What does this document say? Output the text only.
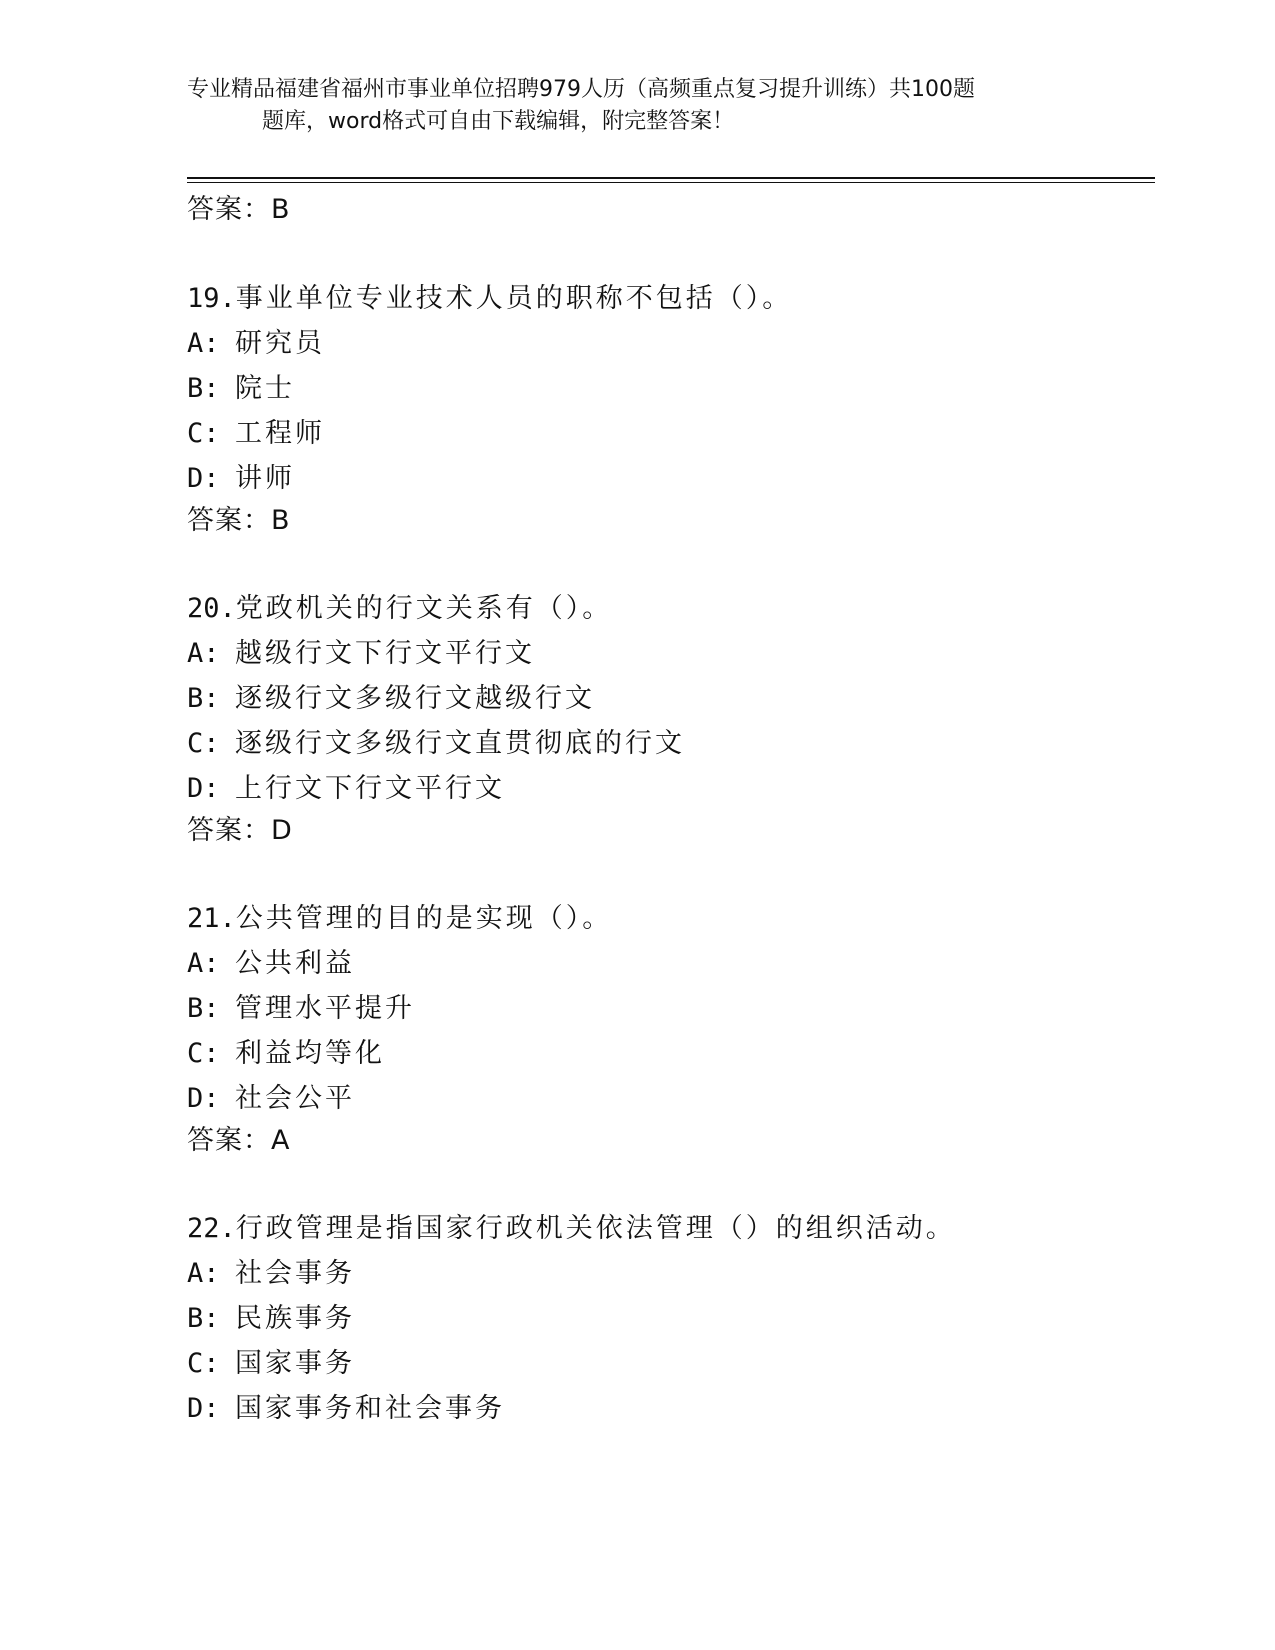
专业精品福建省福州市事业单位招聘979人历（高频重点复习提升训练）共100题
题库，word格式可自由下载编辑，附完整答案！
答案：B
19.事业单位专业技术人员的职称不包括（）。
A: 研究员
B: 院士
C: 工程师
D: 讲师
答案：B
20.党政机关的行文关系有（）。
A: 越级行文下行文平行文
B: 逐级行文多级行文越级行文
C: 逐级行文多级行文直贯彻底的行文
D: 上行文下行文平行文
答案：D
21.公共管理的目的是实现（）。
A: 公共利益
B: 管理水平提升
C: 利益均等化
D: 社会公平
答案：A
22.行政管理是指国家行政机关依法管理（）的组织活动。
A: 社会事务
B: 民族事务
C: 国家事务
D: 国家事务和社会事务
